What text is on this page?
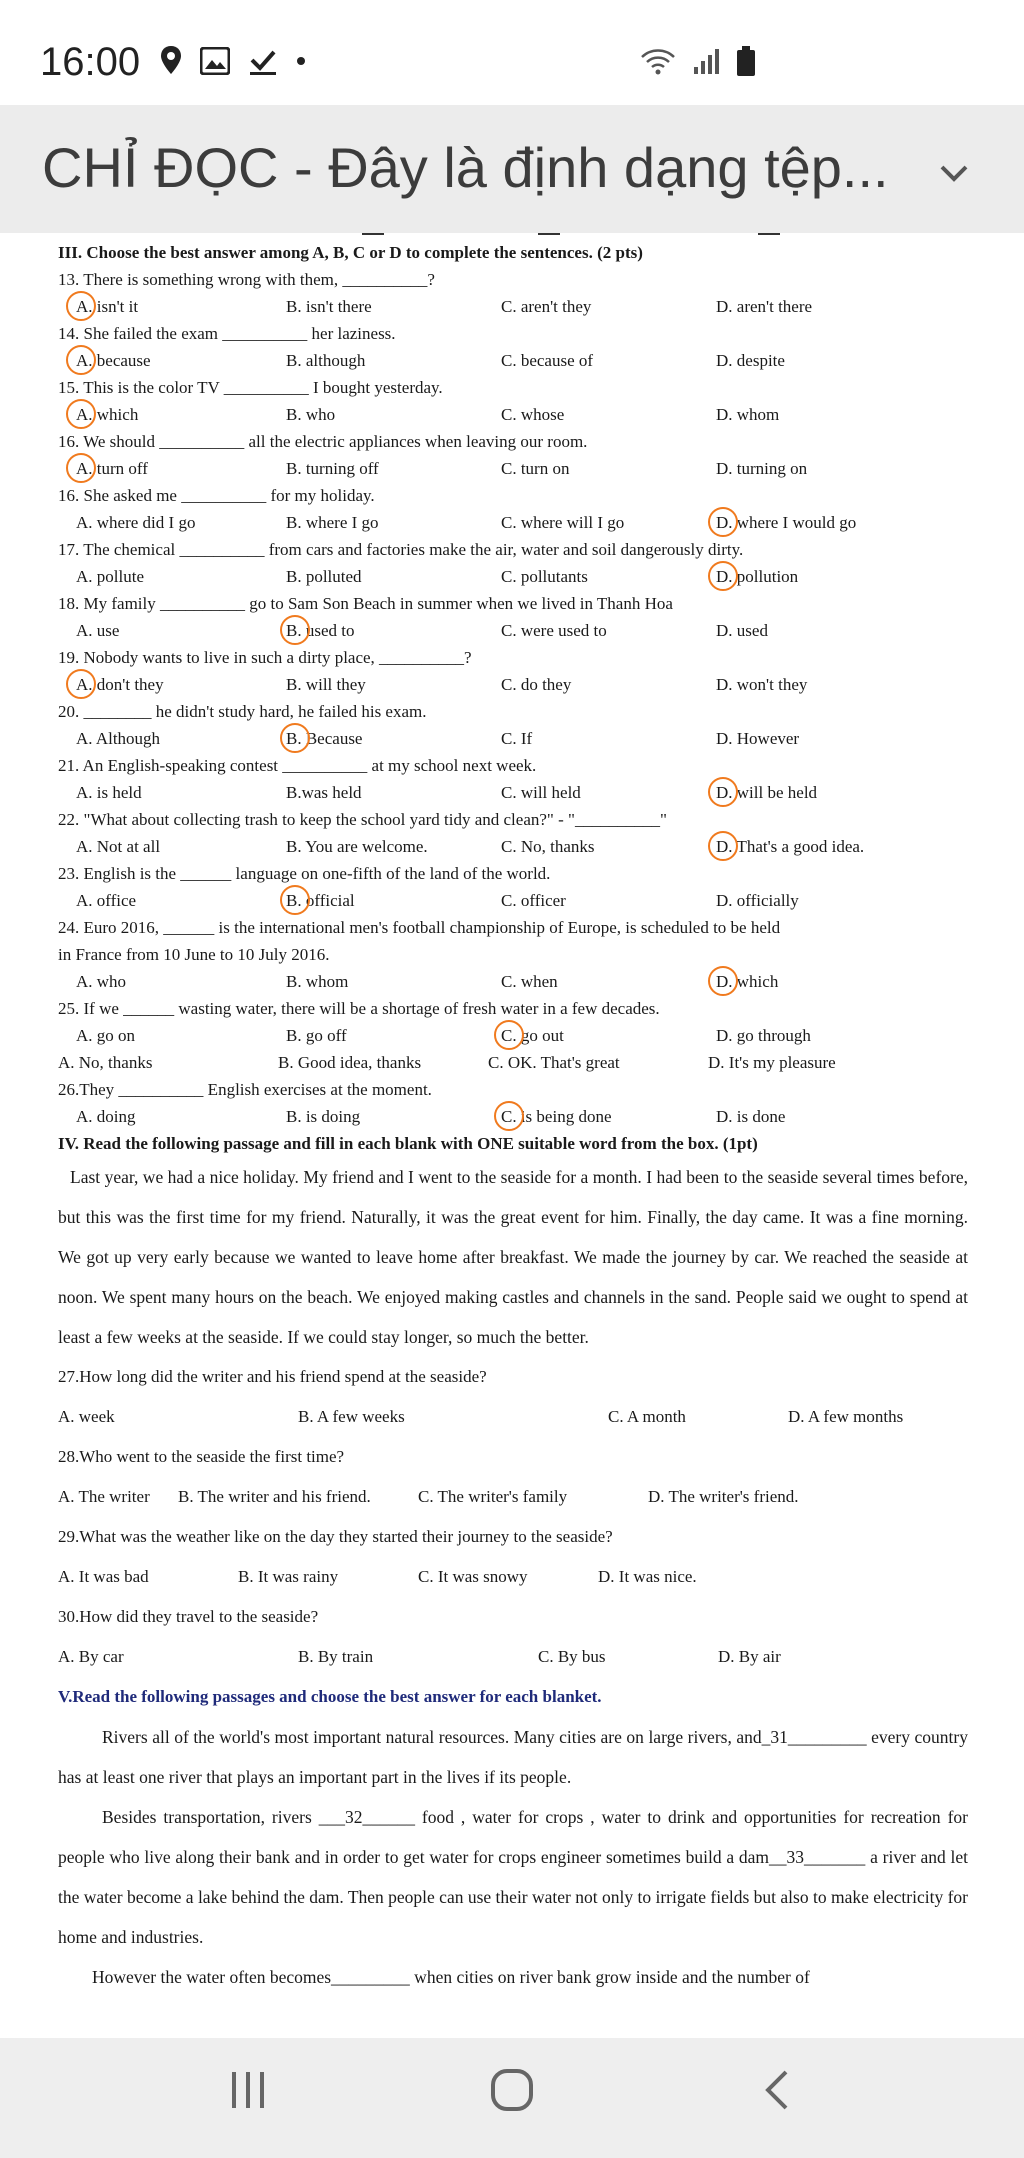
16:00
CHỈ ĐỌC - Đây là định dạng tệp...
III. Choose the best answer among A, B, C or D to complete the sentences. (2 pts)
13. There is something wrong with them, __________?
A. isn't it	B. isn't there	C. aren't they	D. aren't there
14. She failed the exam __________ her laziness.
A. because	B. although	C. because of	D. despite
15. This is the color TV __________ I bought yesterday.
A. which	B. who	C. whose	D. whom
16. We should __________ all the electric appliances when leaving our room.
A. turn off	B. turning off	C. turn on	D. turning on
16. She asked me __________ for my holiday.
A. where did I go	B. where I go	C. where will I go	D. where I would go
17. The chemical __________ from cars and factories make the air, water and soil dangerously dirty.
A. pollute	B. polluted	C. pollutants	D. pollution
18. My family __________ go to Sam Son Beach in summer when we lived in Thanh Hoa
A. use	B. used to	C. were used to	D. used
19. Nobody wants to live in such a dirty place, __________?
A. don't they	B. will they	C. do they	D. won't they
20. ________ he didn't study hard, he failed his exam.
A. Although	B. Because	C. If	D. However
21. An English-speaking contest __________ at my school next week.
A. is held	B.was held	C. will held	D. will be held
22. "What about collecting trash to keep the school yard tidy and clean?" - "__________"
A. Not at all	B. You are welcome.	C. No, thanks	D. That's a good idea.
23. English is the ______ language on one-fifth of the land of the world.
A. office	B. official	C. officer	D. officially
24. Euro 2016, ______ is the international men's football championship of Europe, is scheduled to be held
in France from 10 June to 10 July 2016.
A. who	B. whom	C. when	D. which
25. If we ______ wasting water, there will be a shortage of fresh water in a few decades.
A. go on	B. go off	C. go out	D. go through
A. No, thanks	B. Good idea, thanks	C. OK. That's great	D. It's my pleasure
26.They __________ English exercises at the moment.
A. doing	B. is doing	C. is being done	D. is done
IV. Read the following passage and fill in each blank with ONE suitable word from the box. (1pt)
Last year, we had a nice holiday. My friend and I went to the seaside for a month. I had been to the seaside several times before, but this was the first time for my friend. Naturally, it was the great event for him. Finally, the day came. It was a fine morning. We got up very early because we wanted to leave home after breakfast. We made the journey by car. We reached the seaside at noon. We spent many hours on the beach. We enjoyed making castles and channels in the sand. People said we ought to spend at least a few weeks at the seaside. If we could stay longer, so much the better.
27.How long did the writer and his friend spend at the seaside?
A. week	B. A few weeks	C. A month	D. A few months
28.Who went to the seaside the first time?
A. The writer	B. The writer and his friend.	C. The writer's family	D. The writer's friend.
29.What was the weather like on the day they started their journey to the seaside?
A. It was bad	B. It was rainy	C. It was snowy	D. It was nice.
30.How did they travel to the seaside?
A. By car	B. By train	C. By bus	D. By air
V.Read the following passages and choose the best answer for each blanket.
Rivers all of the world's most important natural resources. Many cities are on large rivers, and_31_________ every country has at least one river that plays an important part in the lives if its people.
Besides transportation, rivers ___32______ food , water for crops , water to drink and opportunities for recreation for people who live along their bank and in order to get water for crops engineer sometimes build a dam__33_______ a river and let the water become a lake behind the dam. Then people can use their water not only to irrigate fields but also to make electricity for home and industries.
However the water often becomes_________ when cities on river bank grow inside and the number of
